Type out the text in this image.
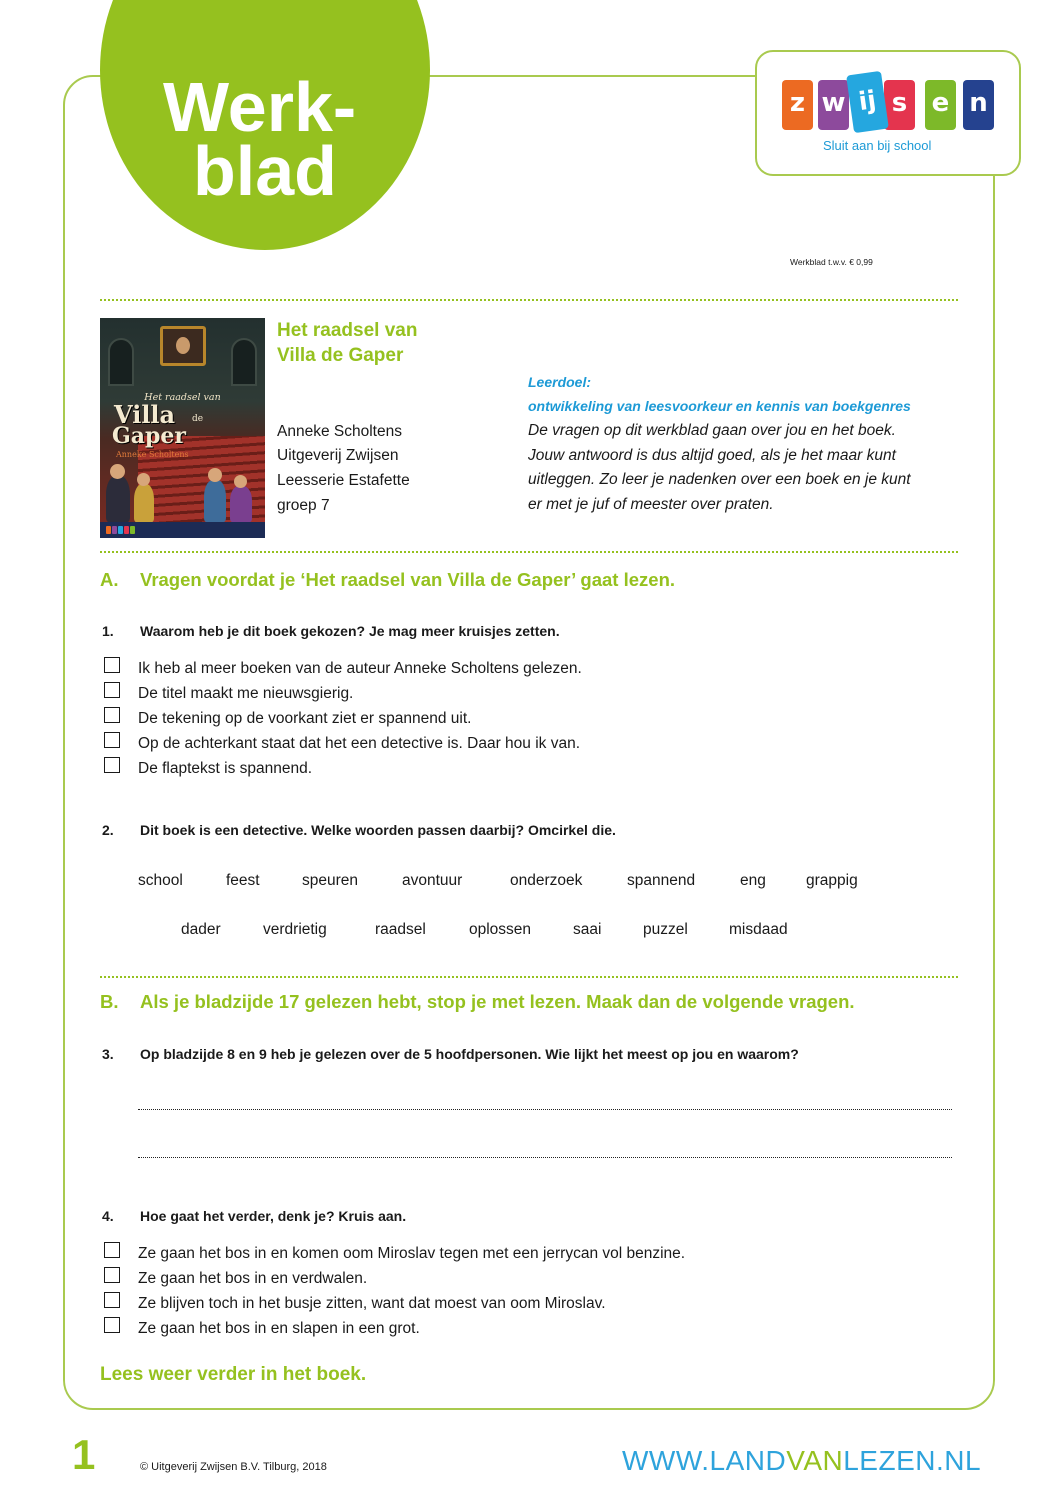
Werk-
blad
z w ij s e n
Sluit aan bij school
Werkblad t.w.v. € 0,99
Het raadsel van
Villa de
Gaper
Anneke Scholtens
Het raadsel van
Villa de Gaper
Anneke Scholtens
Uitgeverij Zwijsen
Leesserie Estafette
groep 7
Leerdoel:
ontwikkeling van leesvoorkeur en kennis van boekgenres
De vragen op dit werkblad gaan over jou en het boek.
Jouw antwoord is dus altijd goed, als je het maar kunt
uitleggen. Zo leer je nadenken over een boek en je kunt
er met je juf of meester over praten.
A. Vragen voordat je ‘Het raadsel van Villa de Gaper’ gaat lezen.
1. Waarom heb je dit boek gekozen? Je mag meer kruisjes zetten.
Ik heb al meer boeken van de auteur Anneke Scholtens gelezen.
De titel maakt me nieuwsgierig.
De tekening op de voorkant ziet er spannend uit.
Op de achterkant staat dat het een detective is. Daar hou ik van.
De flaptekst is spannend.
2. Dit boek is een detective. Welke woorden passen daarbij? Omcirkel die.
school	feest	speuren	avontuur	onderzoek	spannend	eng	grappig
dader	verdrietig	raadsel	oplossen	saai	puzzel	misdaad
B. Als je bladzijde 17 gelezen hebt, stop je met lezen. Maak dan de volgende vragen.
3. Op bladzijde 8 en 9 heb je gelezen over de 5 hoofdpersonen. Wie lijkt het meest op jou en waarom?
4. Hoe gaat het verder, denk je? Kruis aan.
Ze gaan het bos in en komen oom Miroslav tegen met een jerrycan vol benzine.
Ze gaan het bos in en verdwalen.
Ze blijven toch in het busje zitten, want dat moest van oom Miroslav.
Ze gaan het bos in en slapen in een grot.
Lees weer verder in het boek.
1	© Uitgeverij Zwijsen B.V. Tilburg, 2018	WWW.LANDVANLEZEN.NL
